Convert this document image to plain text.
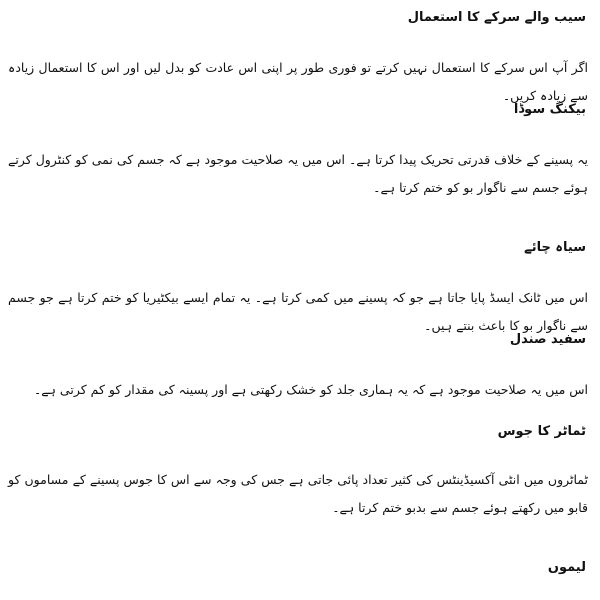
سیب والے سرکے کا استعمال
اگر آپ اس سرکے کا استعمال نہیں کرتے تو فوری طور پر اپنی اس عادت کو بدل لیں اور اس کا استعمال زیادہ سے زیادہ کریں۔
بیکنگ سوڈا
یہ پسینے کے خلاف قدرتی تحریک پیدا کرتا ہے۔ اس میں یہ صلاحیت موجود ہے کہ جسم کی نمی کو کنٹرول کرتے ہوئے جسم سے ناگوار بو کو ختم کرتا ہے۔
سیاہ چائے
اس میں ٹانک ایسڈ پایا جاتا ہے جو کہ پسینے میں کمی کرتا ہے۔ یہ تمام ایسے بیکٹیریا کو ختم کرتا ہے جو جسم سے ناگوار بو کا باعث بنتے ہیں۔
سفید صندل
اس میں یہ صلاحیت موجود ہے کہ یہ ہماری جلد کو خشک رکھتی ہے اور پسینہ کی مقدار کو کم کرتی ہے۔
ٹماٹر کا جوس
ٹماٹروں میں انٹی آکسیڈینٹس کی کثیر تعداد پائی جاتی ہے جس کی وجہ سے اس کا جوس پسینے کے مساموں کو قابو میں رکھتے ہوئے جسم سے بدبو ختم کرتا ہے۔
لیموں
